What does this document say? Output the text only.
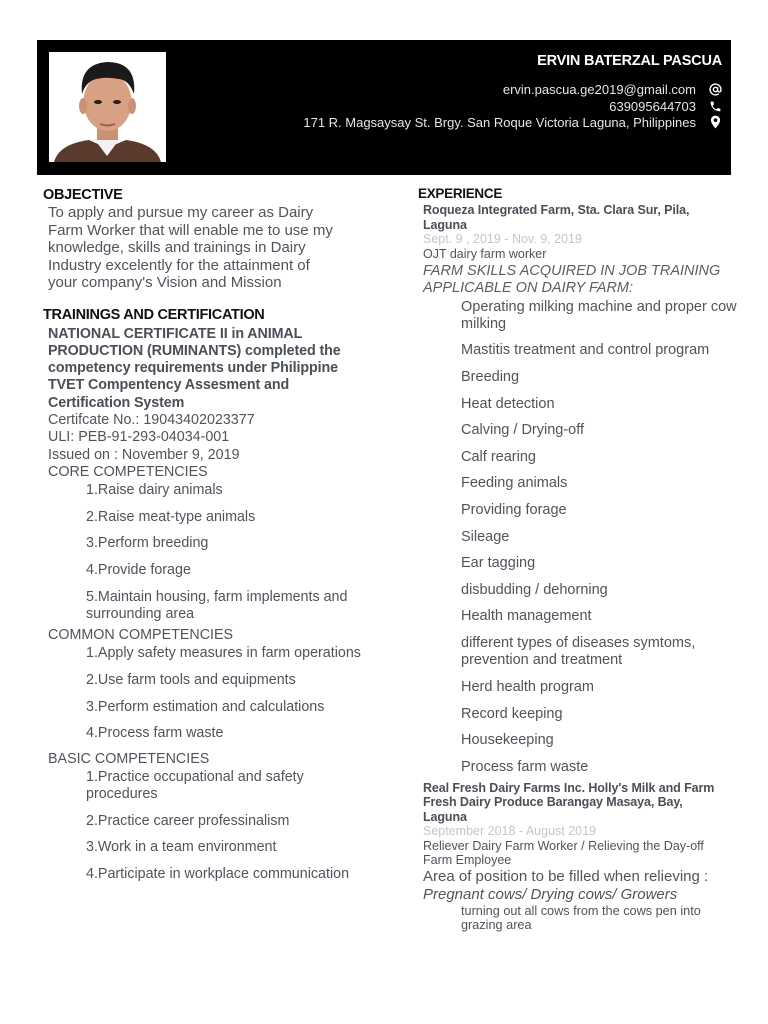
ERVIN BATERZAL PASCUA
ervin.pascua.ge2019@gmail.com
639095644703
171 R. Magsaysay St. Brgy. San Roque Victoria Laguna, Philippines
OBJECTIVE
To apply and pursue my career as Dairy
Farm Worker that will enable me to use my
knowledge, skills and trainings in Dairy
Industry excelently for the attainment of
your company's Vision and Mission
TRAININGS AND CERTIFICATION
NATIONAL CERTIFICATE II in ANIMAL
PRODUCTION (RUMINANTS) completed the
competency requirements under Philippine
TVET Compentency Assesment and
Certification System
Certifcate No.: 19043402023377
ULI: PEB-91-293-04034-001
Issued on : November 9, 2019
CORE COMPETENCIES
1.Raise dairy animals
2.Raise meat-type animals
3.Perform breeding
4.Provide forage
5.Maintain housing, farm implements and surrounding area
COMMON COMPETENCIES
1.Apply safety measures in farm operations
2.Use farm tools and equipments
3.Perform estimation and calculations
4.Process farm waste
BASIC COMPETENCIES
1.Practice occupational and safety procedures
2.Practice career professinalism
3.Work in a team environment
4.Participate in workplace communication
EXPERIENCE
Roqueza Integrated Farm, Sta. Clara Sur, Pila,
Laguna
Sept. 9 , 2019 - Nov. 9, 2019
OJT dairy farm worker
FARM SKILLS ACQUIRED IN JOB TRAINING
APPLICABLE ON DAIRY FARM:
Operating milking machine and proper cow milking
Mastitis treatment and control program
Breeding
Heat detection
Calving / Drying-off
Calf rearing
Feeding animals
Providing forage
Sileage
Ear tagging
disbudding / dehorning
Health management
different types of diseases symtoms, prevention and treatment
Herd health program
Record keeping
Housekeeping
Process farm waste
Real Fresh Dairy Farms Inc. Holly's Milk and Farm
Fresh Dairy Produce Barangay Masaya, Bay,
Laguna
September 2018 - August 2019
Reliever Dairy Farm Worker / Relieving the Day-off
Farm Employee
Area of position to be filled when relieving :
Pregnant cows/ Drying cows/ Growers
turning out all cows from the cows pen into
grazing area
